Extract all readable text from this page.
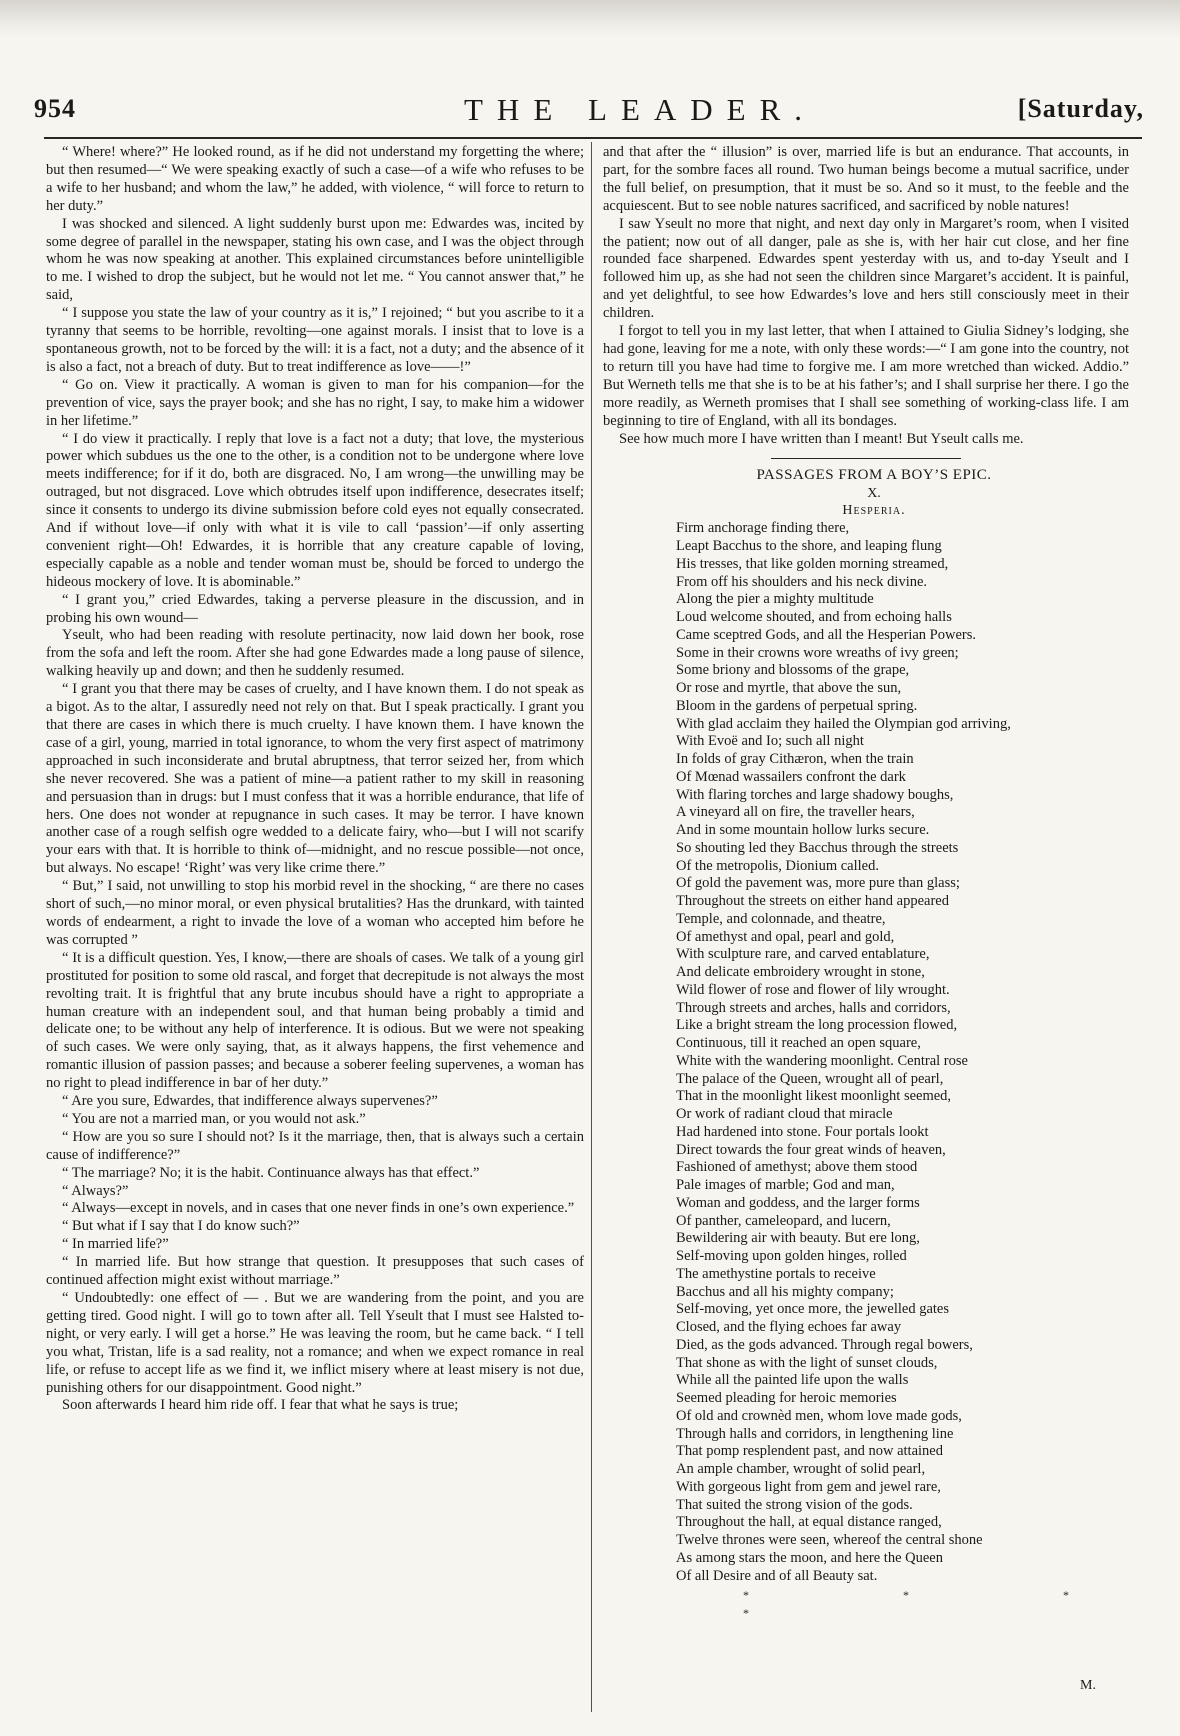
954	THE LEADER.	[Saturday,

“ Where! where?” He looked round, as if he did not understand my forgetting the where; but then resumed—“ We were speaking exactly of such a case—of a wife who refuses to be a wife to her husband; and whom the law,” he added, with violence, “ will force to return to her duty.”

I was shocked and silenced. A light suddenly burst upon me: Edwardes was, incited by some degree of parallel in the newspaper, stating his own case, and I was the object through whom he was now speaking at another. This explained circumstances before unintelligible to me. I wished to drop the subject, but he would not let me. “ You cannot answer that,” he said,

“ I suppose you state the law of your country as it is,” I rejoined; “ but you ascribe to it a tyranny that seems to be horrible, revolting—one against morals. I insist that to love is a spontaneous growth, not to be forced by the will: it is a fact, not a duty; and the absence of it is also a fact, not a breach of duty. But to treat indifference as love——!”

“ Go on. View it practically. A woman is given to man for his companion—for the prevention of vice, says the prayer book; and she has no right, I say, to make him a widower in her lifetime.”

“ I do view it practically. I reply that love is a fact not a duty; that love, the mysterious power which subdues us the one to the other, is a condition not to be undergone where love meets indifference; for if it do, both are disgraced. No, I am wrong—the unwilling may be outraged, but not disgraced. Love which obtrudes itself upon indifference, desecrates itself; since it consents to undergo its divine submission before cold eyes not equally consecrated. And if without love—if only with what it is vile to call ‘passion’—if only asserting convenient right—Oh! Edwardes, it is horrible that any creature capable of loving, especially capable as a noble and tender woman must be, should be forced to undergo the hideous mockery of love. It is abominable.”

“ I grant you,” cried Edwardes, taking a perverse pleasure in the discussion, and in probing his own wound—

Yseult, who had been reading with resolute pertinacity, now laid down her book, rose from the sofa and left the room. After she had gone Edwardes made a long pause of silence, walking heavily up and down; and then he suddenly resumed.

“ I grant you that there may be cases of cruelty, and I have known them. I do not speak as a bigot. As to the altar, I assuredly need not rely on that. But I speak practically. I grant you that there are cases in which there is much cruelty. I have known them. I have known the case of a girl, young, married in total ignorance, to whom the very first aspect of matrimony approached in such inconsiderate and brutal abruptness, that terror seized her, from which she never recovered. She was a patient of mine—a patient rather to my skill in reasoning and persuasion than in drugs: but I must confess that it was a horrible endurance, that life of hers. One does not wonder at repugnance in such cases. It may be terror. I have known another case of a rough selfish ogre wedded to a delicate fairy, who—but I will not scarify your ears with that. It is horrible to think of—midnight, and no rescue possible—not once, but always. No escape! ‘Right’ was very like crime there.”

“ But,” I said, not unwilling to stop his morbid revel in the shocking, “ are there no cases short of such,—no minor moral, or even physical brutalities? Has the drunkard, with tainted words of endearment, a right to invade the love of a woman who accepted him before he was corrupted ”

“ It is a difficult question. Yes, I know,—there are shoals of cases. We talk of a young girl prostituted for position to some old rascal, and forget that decrepitude is not always the most revolting trait. It is frightful that any brute incubus should have a right to appropriate a human creature with an independent soul, and that human being probably a timid and delicate one; to be without any help of interference. It is odious. But we were not speaking of such cases. We were only saying, that, as it always happens, the first vehemence and romantic illusion of passion passes; and because a soberer feeling supervenes, a woman has no right to plead indifference in bar of her duty.”

“ Are you sure, Edwardes, that indifference always supervenes?”

“ You are not a married man, or you would not ask.”

“ How are you so sure I should not? Is it the marriage, then, that is always such a certain cause of indifference?”

“ The marriage? No; it is the habit. Continuance always has that effect.”

“ Always?”

“ Always—except in novels, and in cases that one never finds in one’s own experience.”

“ But what if I say that I do know such?”

“ In married life?”

“ In married life. But how strange that question. It presupposes that such cases of continued affection might exist without marriage.”

“ Undoubtedly: one effect of — . But we are wandering from the point, and you are getting tired. Good night. I will go to town after all. Tell Yseult that I must see Halsted to-night, or very early. I will get a horse.” He was leaving the room, but he came back. “ I tell you what, Tristan, life is a sad reality, not a romance; and when we expect romance in real life, or refuse to accept life as we find it, we inflict misery where at least misery is not due, punishing others for our disappointment. Good night.”

Soon afterwards I heard him ride off. I fear that what he says is true;

and that after the “ illusion” is over, married life is but an endurance. That accounts, in part, for the sombre faces all round. Two human beings become a mutual sacrifice, under the full belief, on presumption, that it must be so. And so it must, to the feeble and the acquiescent. But to see noble natures sacrificed, and sacrificed by noble natures!

I saw Yseult no more that night, and next day only in Margaret’s room, when I visited the patient; now out of all danger, pale as she is, with her hair cut close, and her fine rounded face sharpened. Edwardes spent yesterday with us, and to-day Yseult and I followed him up, as she had not seen the children since Margaret’s accident. It is painful, and yet delightful, to see how Edwardes’s love and hers still consciously meet in their children.

I forgot to tell you in my last letter, that when I attained to Giulia Sidney’s lodging, she had gone, leaving for me a note, with only these words:—“ I am gone into the country, not to return till you have had time to forgive me. I am more wretched than wicked. Addio.” But Werneth tells me that she is to be at his father’s; and I shall surprise her there. I go the more readily, as Werneth promises that I shall see something of working-class life. I am beginning to tire of England, with all its bondages.

See how much more I have written than I meant! But Yseult calls me.

PASSAGES FROM A BOY’S EPIC.

X.

Hesperia.

Firm anchorage finding there,
Leapt Bacchus to the shore, and leaping flung
His tresses, that like golden morning streamed,
From off his shoulders and his neck divine.
Along the pier a mighty multitude
Loud welcome shouted, and from echoing halls
Came sceptred Gods, and all the Hesperian Powers.
Some in their crowns wore wreaths of ivy green;
Some briony and blossoms of the grape,
Or rose and myrtle, that above the sun,
Bloom in the gardens of perpetual spring.
With glad acclaim they hailed the Olympian god arriving,
With Evoë and Io; such all night
In folds of gray Cithæron, when the train
Of Mœnad wassailers confront the dark
With flaring torches and large shadowy boughs,
A vineyard all on fire, the traveller hears,
And in some mountain hollow lurks secure.
So shouting led they Bacchus through the streets
Of the metropolis, Dionium called.
Of gold the pavement was, more pure than glass;
Throughout the streets on either hand appeared
Temple, and colonnade, and theatre,
Of amethyst and opal, pearl and gold,
With sculpture rare, and carved entablature,
And delicate embroidery wrought in stone,
Wild flower of rose and flower of lily wrought.
Through streets and arches, halls and corridors,
Like a bright stream the long procession flowed,
Continuous, till it reached an open square,
White with the wandering moonlight. Central rose
The palace of the Queen, wrought all of pearl,
That in the moonlight likest moonlight seemed,
Or work of radiant cloud that miracle
Had hardened into stone. Four portals lookt
Direct towards the four great winds of heaven,
Fashioned of amethyst; above them stood
Pale images of marble; God and man,
Woman and goddess, and the larger forms
Of panther, cameleopard, and lucern,
Bewildering air with beauty. But ere long,
Self-moving upon golden hinges, rolled
The amethystine portals to receive
Bacchus and all his mighty company;
Self-moving, yet once more, the jewelled gates
Closed, and the flying echoes far away
Died, as the gods advanced. Through regal bowers,
That shone as with the light of sunset clouds,
While all the painted life upon the walls
Seemed pleading for heroic memories
Of old and crownèd men, whom love made gods,
Through halls and corridors, in lengthening line
That pomp resplendent past, and now attained
An ample chamber, wrought of solid pearl,
With gorgeous light from gem and jewel rare,
That suited the strong vision of the gods.
Throughout the hall, at equal distance ranged,
Twelve thrones were seen, whereof the central shone
As among stars the moon, and here the Queen
Of all Desire and of all Beauty sat.
* * * *
M.
